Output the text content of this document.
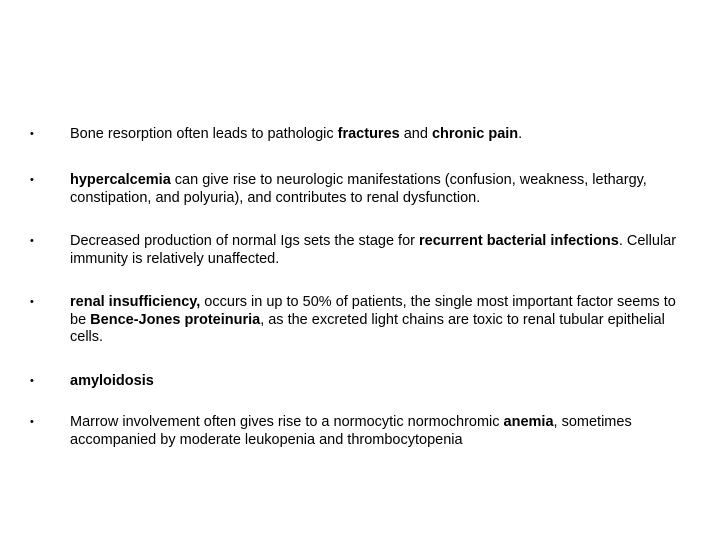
• Bone resorption often leads to pathologic fractures and chronic pain.
• hypercalcemia can give rise to neurologic manifestations (confusion, weakness, lethargy, constipation, and polyuria), and contributes to renal dysfunction.
• Decreased production of normal Igs sets the stage for recurrent bacterial infections. Cellular immunity is relatively unaffected.
• renal insufficiency, occurs in up to 50% of patients, the single most important factor seems to be Bence-Jones proteinuria, as the excreted light chains are toxic to renal tubular epithelial cells.
• amyloidosis
• Marrow involvement often gives rise to a normocytic normochromic anemia, sometimes accompanied by moderate leukopenia and thrombocytopenia
